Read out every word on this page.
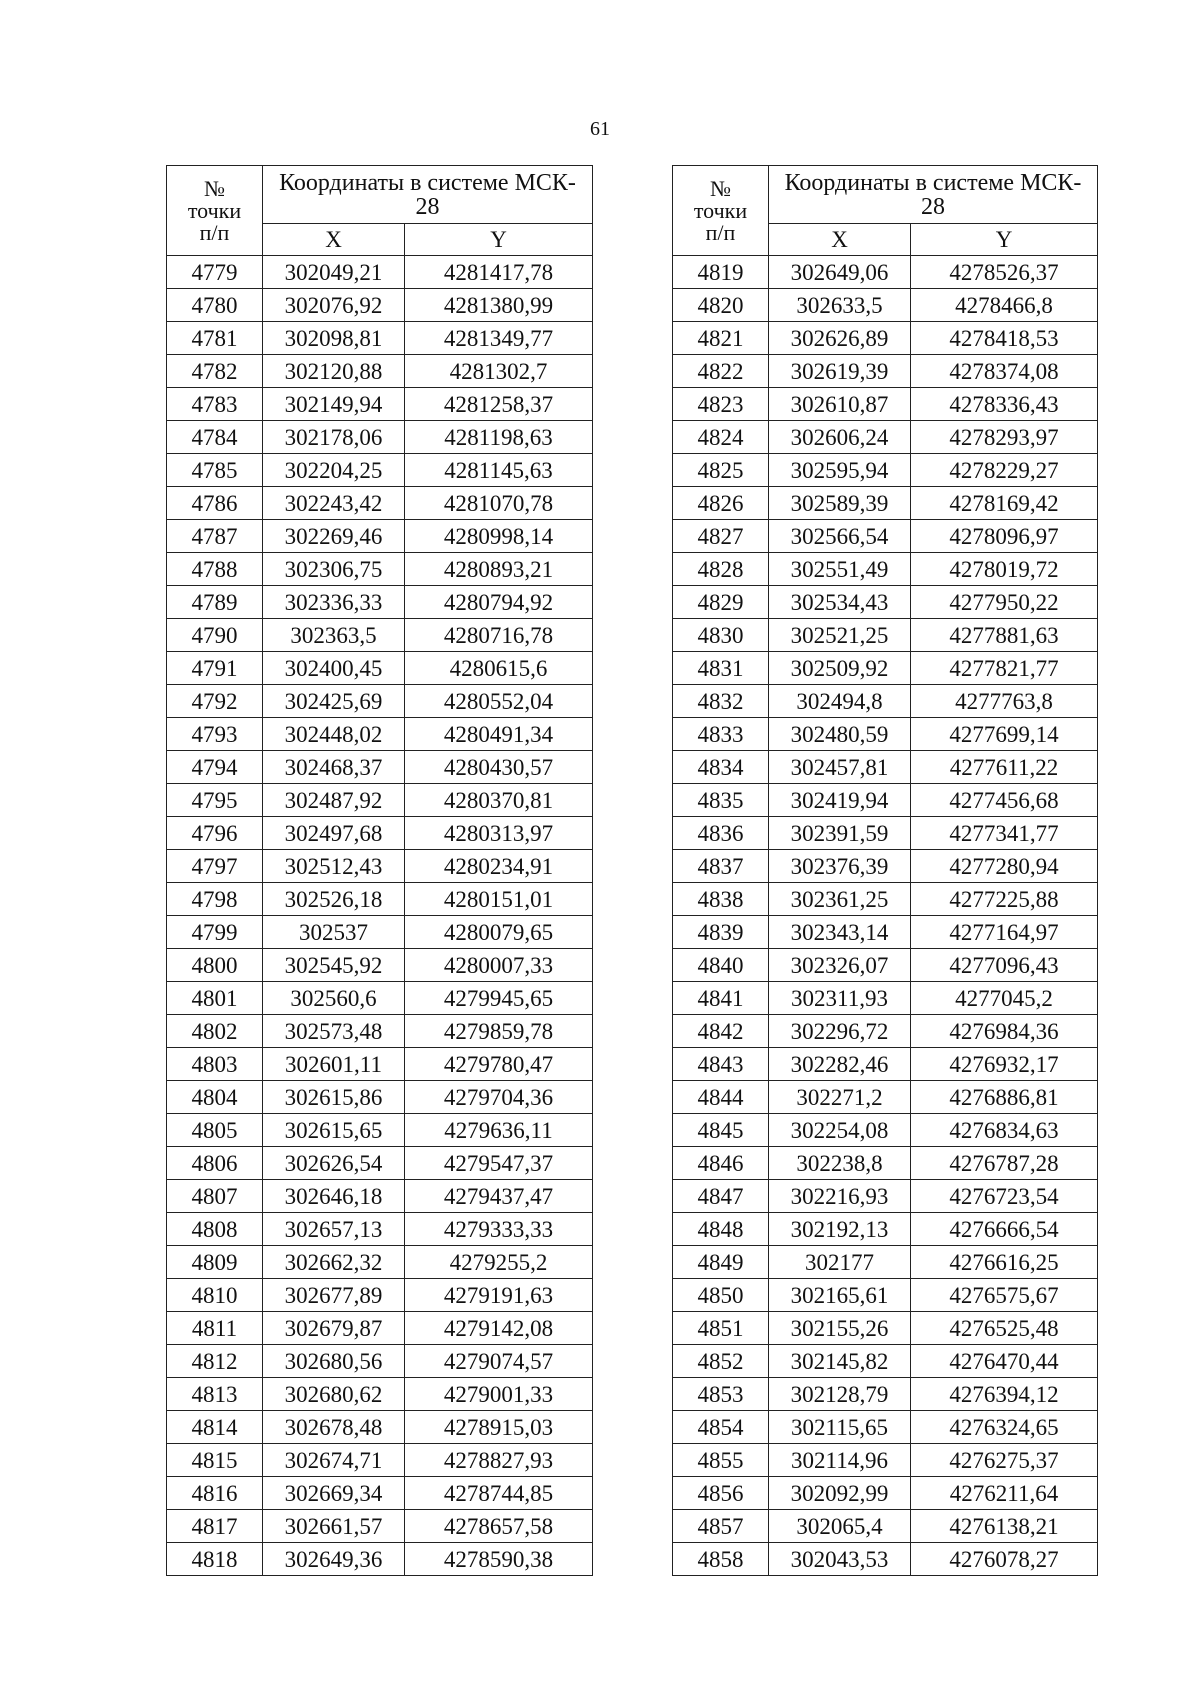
61
№
точки
п/п	Координаты в системе МСК-
28	
	X	Y
4779	302049,21	4281417,78
4780	302076,92	4281380,99
4781	302098,81	4281349,77
4782	302120,88	4281302,7
4783	302149,94	4281258,37
4784	302178,06	4281198,63
4785	302204,25	4281145,63
4786	302243,42	4281070,78
4787	302269,46	4280998,14
4788	302306,75	4280893,21
4789	302336,33	4280794,92
4790	302363,5	4280716,78
4791	302400,45	4280615,6
4792	302425,69	4280552,04
4793	302448,02	4280491,34
4794	302468,37	4280430,57
4795	302487,92	4280370,81
4796	302497,68	4280313,97
4797	302512,43	4280234,91
4798	302526,18	4280151,01
4799	302537	4280079,65
4800	302545,92	4280007,33
4801	302560,6	4279945,65
4802	302573,48	4279859,78
4803	302601,11	4279780,47
4804	302615,86	4279704,36
4805	302615,65	4279636,11
4806	302626,54	4279547,37
4807	302646,18	4279437,47
4808	302657,13	4279333,33
4809	302662,32	4279255,2
4810	302677,89	4279191,63
4811	302679,87	4279142,08
4812	302680,56	4279074,57
4813	302680,62	4279001,33
4814	302678,48	4278915,03
4815	302674,71	4278827,93
4816	302669,34	4278744,85
4817	302661,57	4278657,58
4818	302649,36	4278590,38
№
точки
п/п	Координаты в системе МСК-
28	
	X	Y
4819	302649,06	4278526,37
4820	302633,5	4278466,8
4821	302626,89	4278418,53
4822	302619,39	4278374,08
4823	302610,87	4278336,43
4824	302606,24	4278293,97
4825	302595,94	4278229,27
4826	302589,39	4278169,42
4827	302566,54	4278096,97
4828	302551,49	4278019,72
4829	302534,43	4277950,22
4830	302521,25	4277881,63
4831	302509,92	4277821,77
4832	302494,8	4277763,8
4833	302480,59	4277699,14
4834	302457,81	4277611,22
4835	302419,94	4277456,68
4836	302391,59	4277341,77
4837	302376,39	4277280,94
4838	302361,25	4277225,88
4839	302343,14	4277164,97
4840	302326,07	4277096,43
4841	302311,93	4277045,2
4842	302296,72	4276984,36
4843	302282,46	4276932,17
4844	302271,2	4276886,81
4845	302254,08	4276834,63
4846	302238,8	4276787,28
4847	302216,93	4276723,54
4848	302192,13	4276666,54
4849	302177	4276616,25
4850	302165,61	4276575,67
4851	302155,26	4276525,48
4852	302145,82	4276470,44
4853	302128,79	4276394,12
4854	302115,65	4276324,65
4855	302114,96	4276275,37
4856	302092,99	4276211,64
4857	302065,4	4276138,21
4858	302043,53	4276078,27
